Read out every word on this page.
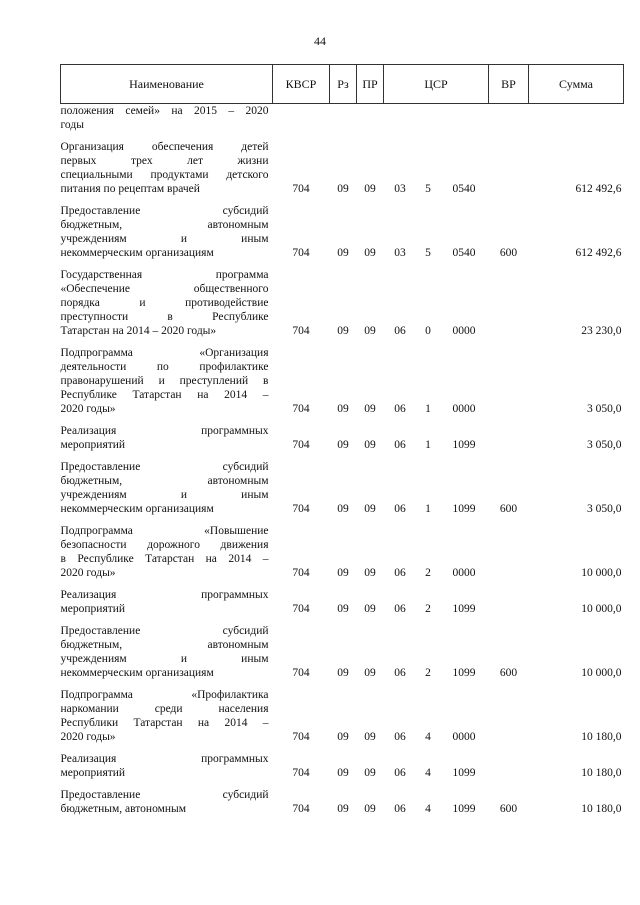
44
Наименование	КВСР	Рз	ПР	ЦСР			ВР	Сумма

положения семей» на 2015 – 2020
годы								

Организация обеспечения детей
первых трех лет жизни
специальными продуктами детского
питания по рецептам врачей	704	09	09	03	5	0540		612 492,6

Предоставление субсидий
бюджетным, автономным
учреждениям и иным
некоммерческим организациям	704	09	09	03	5	0540	600	612 492,6

Государственная программа
«Обеспечение общественного
порядка и противодействие
преступности в Республике
Татарстан на 2014 – 2020 годы»	704	09	09	06	0	0000		23 230,0

Подпрограмма «Организация
деятельности по профилактике
правонарушений и преступлений в
Республике Татарстан на 2014 –
2020 годы»	704	09	09	06	1	0000		3 050,0

Реализация программных
мероприятий	704	09	09	06	1	1099		3 050,0

Предоставление субсидий
бюджетным, автономным
учреждениям и иным
некоммерческим организациям	704	09	09	06	1	1099	600	3 050,0

Подпрограмма «Повышение
безопасности дорожного движения
в Республике Татарстан на 2014 –
2020 годы»	704	09	09	06	2	0000		10 000,0

Реализация программных
мероприятий	704	09	09	06	2	1099		10 000,0

Предоставление субсидий
бюджетным, автономным
учреждениям и иным
некоммерческим организациям	704	09	09	06	2	1099	600	10 000,0

Подпрограмма «Профилактика
наркомании среди населения
Республики Татарстан на 2014 –
2020 годы»	704	09	09	06	4	0000		10 180,0

Реализация программных
мероприятий	704	09	09	06	4	1099		10 180,0

Предоставление субсидий
бюджетным, автономным	704	09	09	06	4	1099	600	10 180,0
